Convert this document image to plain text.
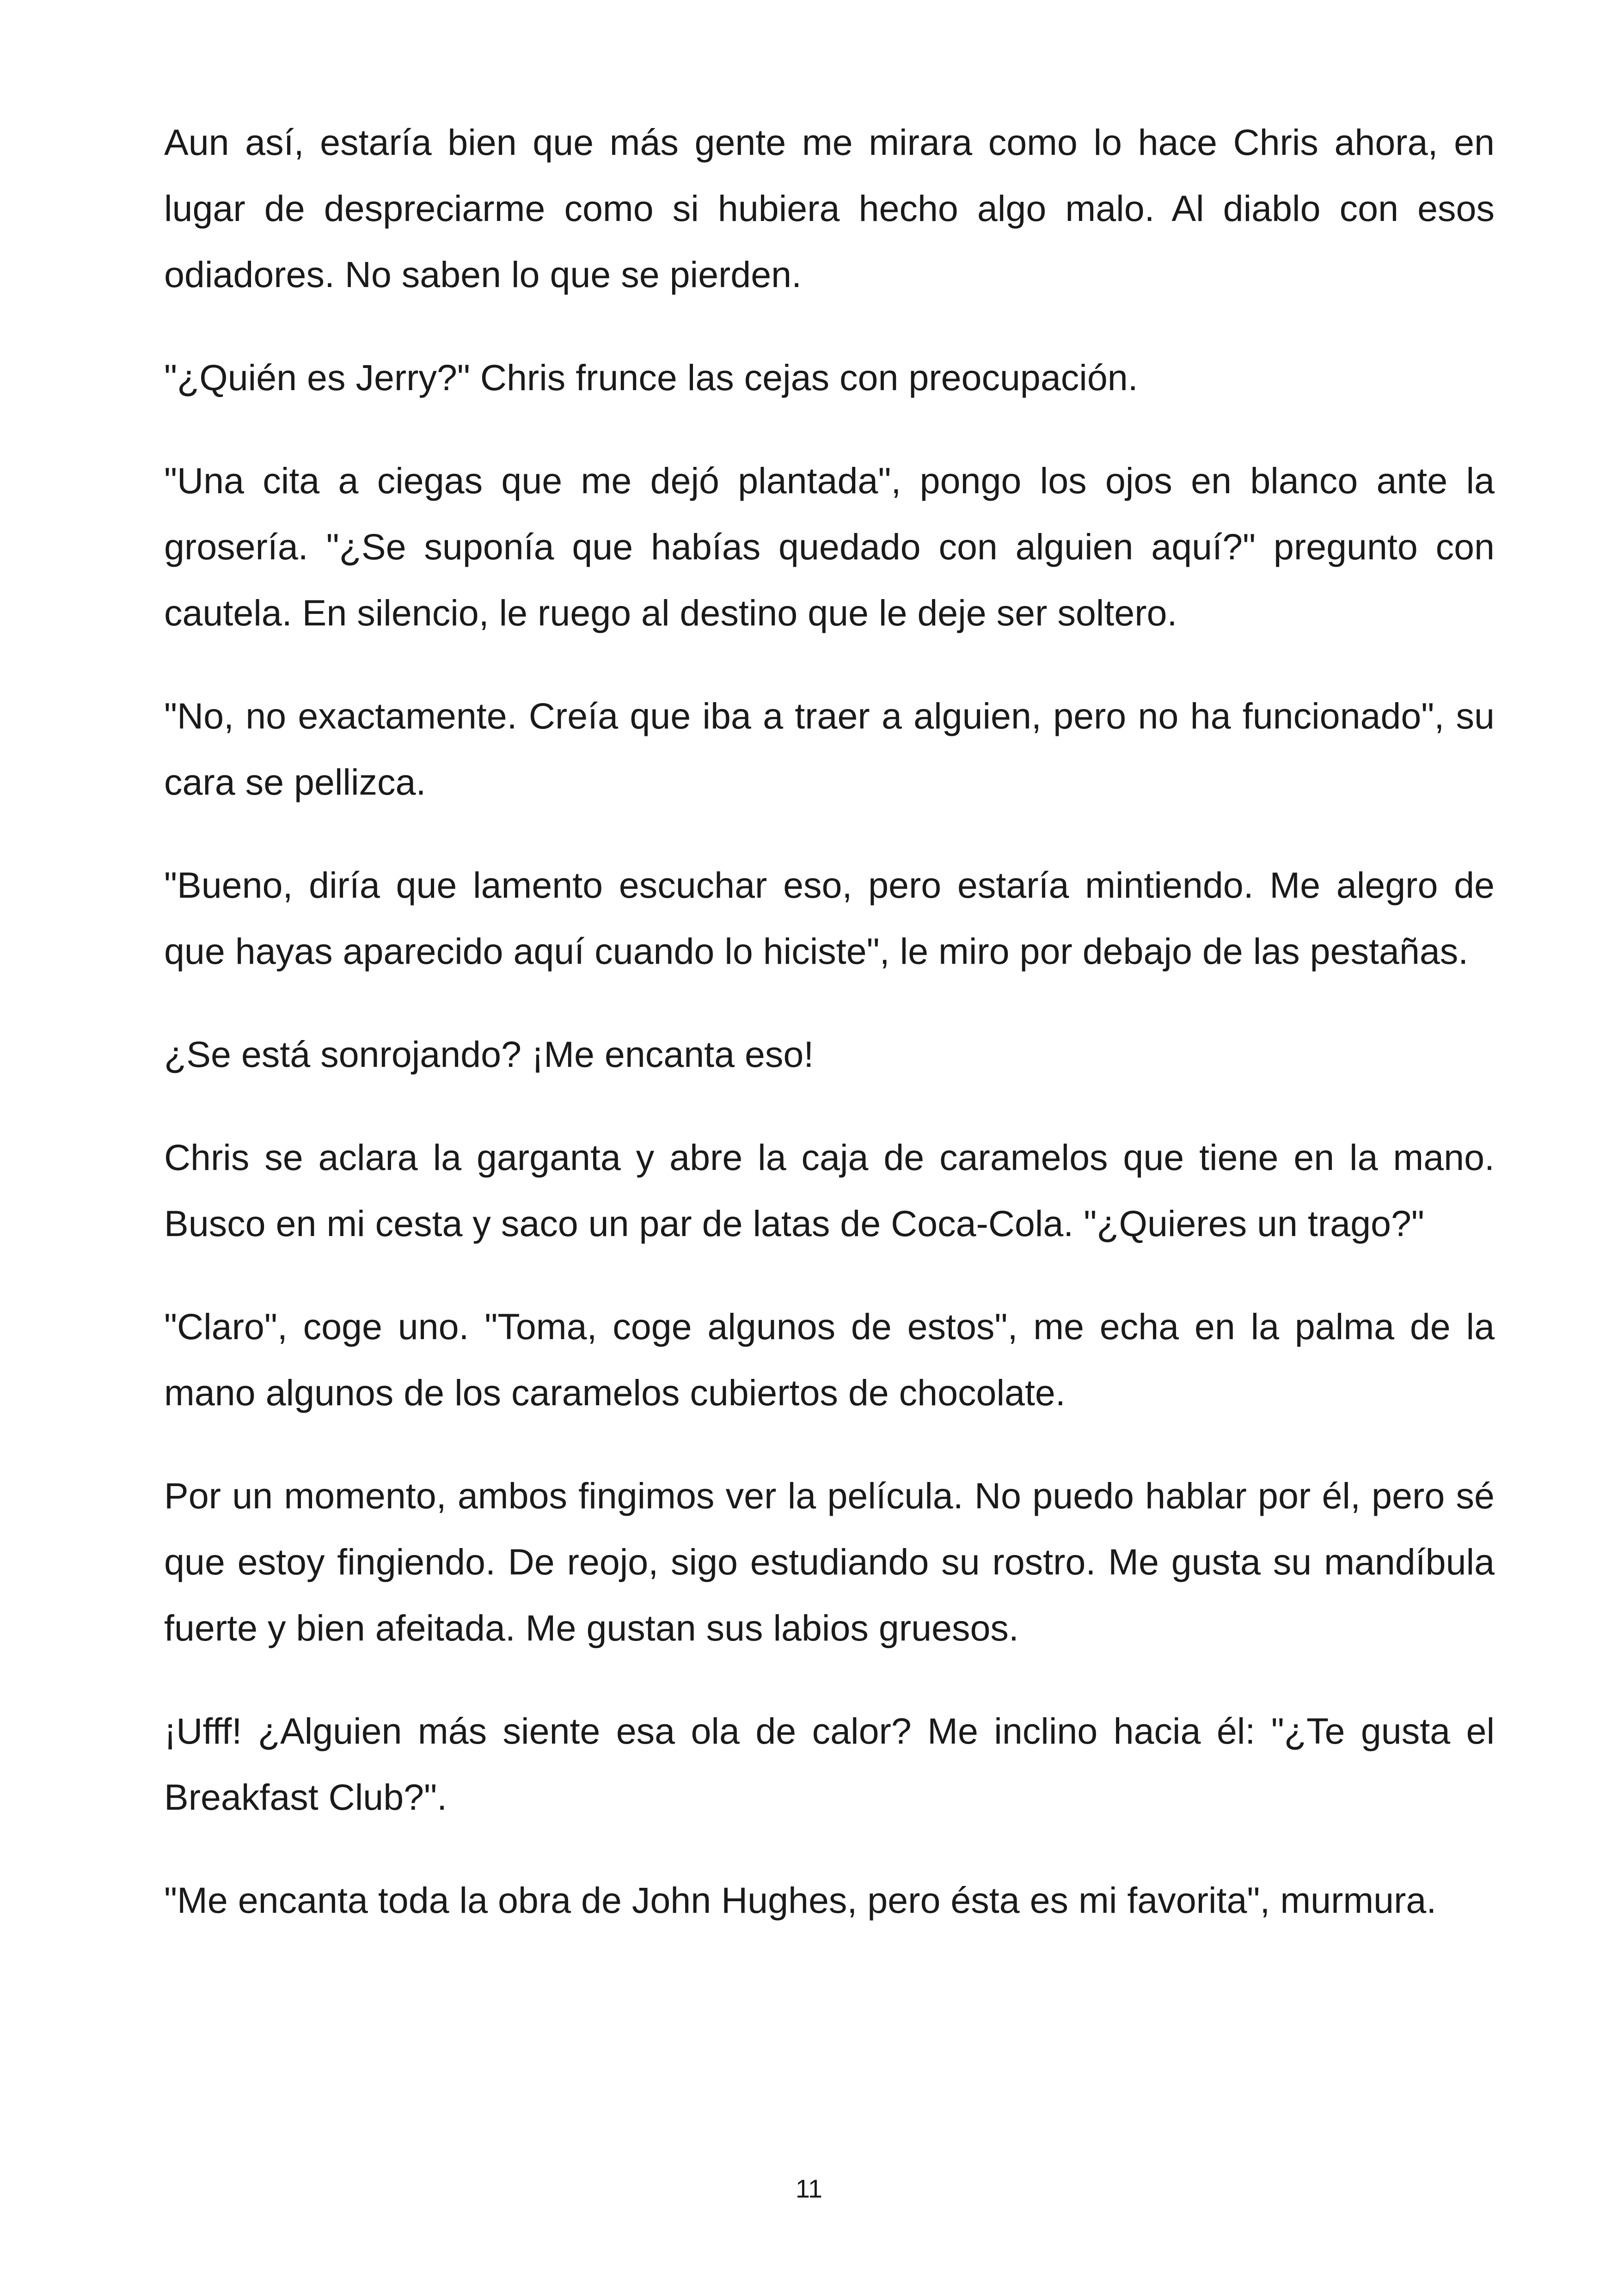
Aun así, estaría bien que más gente me mirara como lo hace Chris ahora, en lugar de despreciarme como si hubiera hecho algo malo. Al diablo con esos odiadores. No saben lo que se pierden.

"¿Quién es Jerry?" Chris frunce las cejas con preocupación.

"Una cita a ciegas que me dejó plantada", pongo los ojos en blanco ante la grosería. "¿Se suponía que habías quedado con alguien aquí?" pregunto con cautela. En silencio, le ruego al destino que le deje ser soltero.

"No, no exactamente. Creía que iba a traer a alguien, pero no ha funcionado", su cara se pellizca.

"Bueno, diría que lamento escuchar eso, pero estaría mintiendo. Me alegro de que hayas aparecido aquí cuando lo hiciste", le miro por debajo de las pestañas.

¿Se está sonrojando? ¡Me encanta eso!

Chris se aclara la garganta y abre la caja de caramelos que tiene en la mano. Busco en mi cesta y saco un par de latas de Coca-Cola. "¿Quieres un trago?"

"Claro", coge uno. "Toma, coge algunos de estos", me echa en la palma de la mano algunos de los caramelos cubiertos de chocolate.

Por un momento, ambos fingimos ver la película. No puedo hablar por él, pero sé que estoy fingiendo. De reojo, sigo estudiando su rostro. Me gusta su mandíbula fuerte y bien afeitada. Me gustan sus labios gruesos.

¡Ufff! ¿Alguien más siente esa ola de calor? Me inclino hacia él: "¿Te gusta el Breakfast Club?".

"Me encanta toda la obra de John Hughes, pero ésta es mi favorita", murmura.

11
